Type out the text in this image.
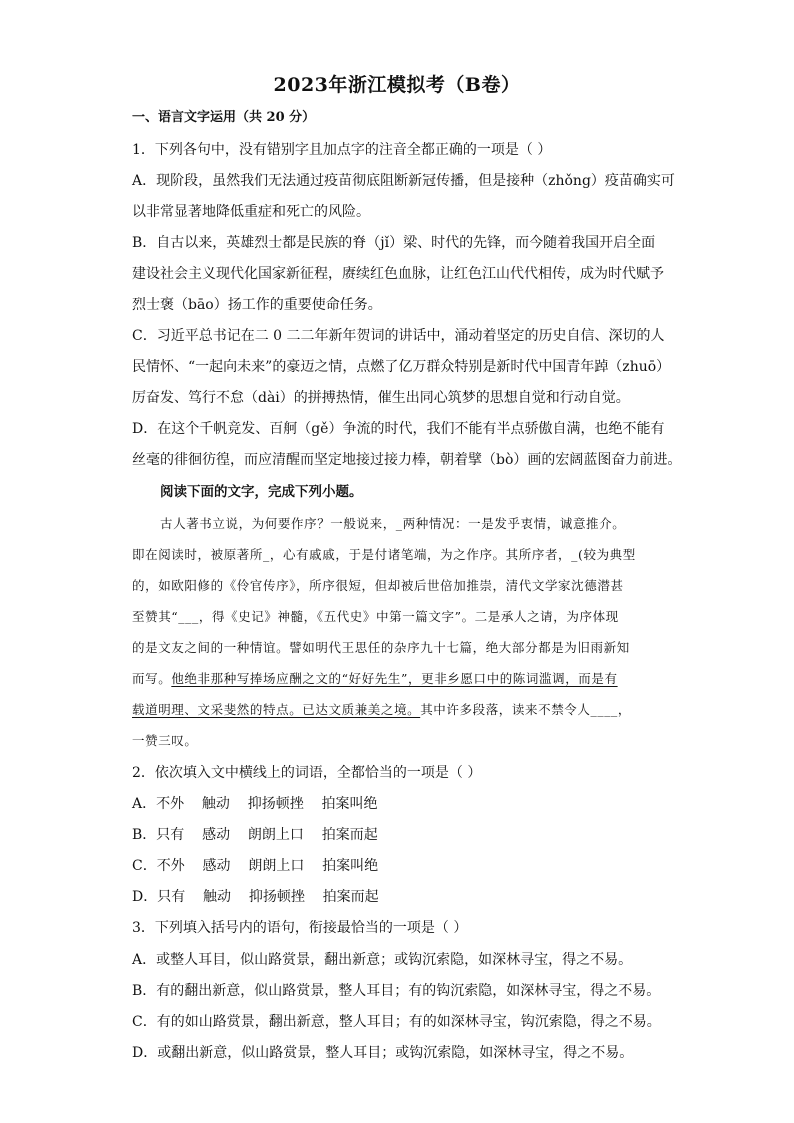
2023年浙江模拟考（B卷）
一、语言文字运用（共 20 分）
1．下列各句中，没有错别字且加点字的注音全都正确的一项是（ ）
A．现阶段，虽然我们无法通过疫苗彻底阻断新冠传播，但是接种（zhǒng）疫苗确实可
以非常显著地降低重症和死亡的风险。
B．自古以来，英雄烈士都是民族的脊（jǐ）梁、时代的先锋，而今随着我国开启全面
建设社会主义现代化国家新征程，赓续红色血脉，让红色江山代代相传，成为时代赋予
烈士褒（bāo）扬工作的重要使命任务。
C．习近平总书记在二 0 二二年新年贺词的讲话中，涌动着坚定的历史自信、深切的人
民情怀、“一起向未来”的豪迈之情，点燃了亿万群众特别是新时代中国青年踔（zhuō）
厉奋发、笃行不怠（dài）的拼搏热情，催生出同心筑梦的思想自觉和行动自觉。
D．在这个千帆竞发、百舸（gě）争流的时代，我们不能有半点骄傲自满，也绝不能有
丝毫的徘徊彷徨，而应清醒而坚定地接过接力棒，朝着擘（bò）画的宏阔蓝图奋力前进。
阅读下面的文字，完成下列小题。
古人著书立说，为何要作序？一般说来，_两种情况：一是发乎衷情，诚意推介。
即在阅读时，被原著所_，心有戚戚，于是付诸笔端，为之作序。其所序者，_(较为典型
的，如欧阳修的《伶官传序》，所序很短，但却被后世倍加推崇，清代文学家沈德潜甚
至赞其“___，得《史记》神髓，《五代史》中第一篇文字”。二是承人之请，为序体现
的是文友之间的一种情谊。譬如明代王思任的杂序九十七篇，绝大部分都是为旧雨新知
而写。他绝非那种写捧场应酬之文的“好好先生”，更非乡愿口中的陈词滥调，而是有
载道明理、文采斐然的特点。已达文质兼美之境。其中许多段落，读来不禁令人____，
一赞三叹。
2．依次填入文中横线上的词语，全都恰当的一项是（ ）
A．不外    触动    抑扬顿挫    拍案叫绝
B．只有    感动    朗朗上口    拍案而起
C．不外    感动    朗朗上口    拍案叫绝
D．只有    触动    抑扬顿挫    拍案而起
3．下列填入括号内的语句，衔接最恰当的一项是（ ）
A．或整人耳目，似山路赏景，翻出新意；或钩沉索隐，如深林寻宝，得之不易。
B．有的翻出新意，似山路赏景，整人耳目；有的钩沉索隐，如深林寻宝，得之不易。
C．有的如山路赏景，翻出新意，整人耳目；有的如深林寻宝，钩沉索隐，得之不易。
D．或翻出新意，似山路赏景，整人耳目；或钩沉索隐，如深林寻宝，得之不易。
